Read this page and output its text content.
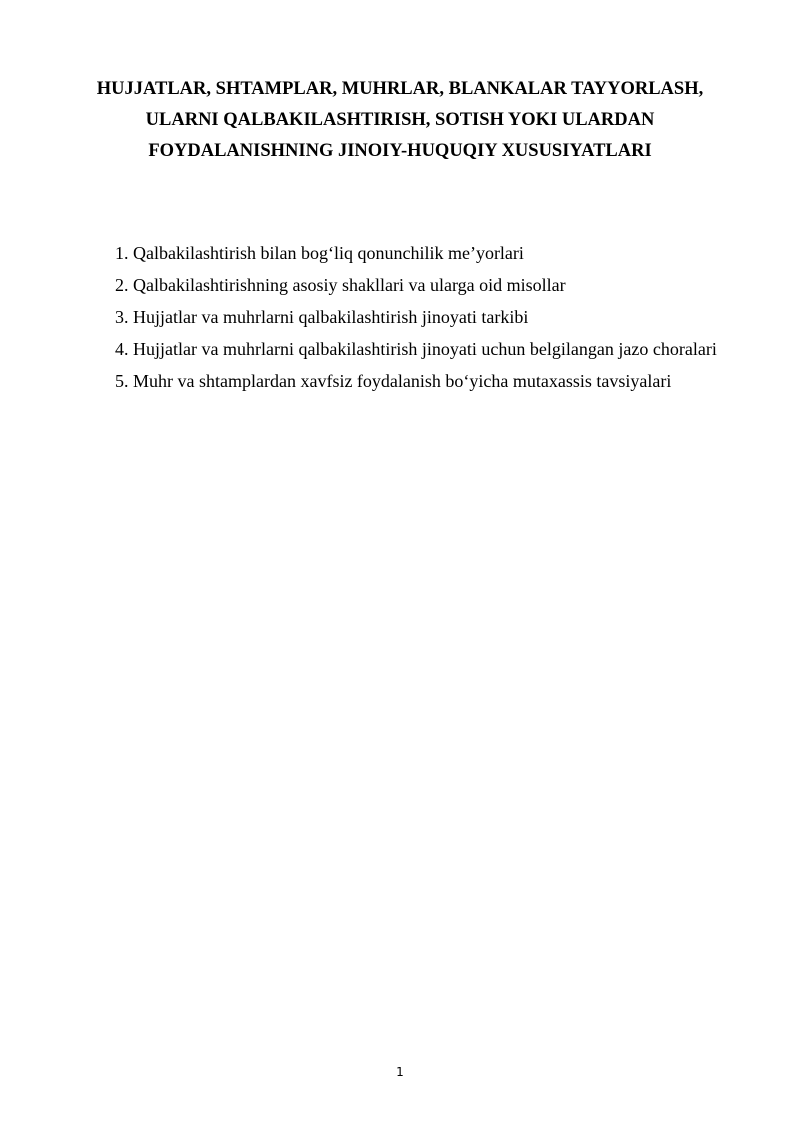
HUJJATLAR, SHTAMPLAR, MUHRLAR, BLANKALAR TAYYORLASH,
ULARNI QALBAKILASHTIRISH, SOTISH YOKI ULARDAN
FOYDALANISHNING JINOIY-HUQUQIY XUSUSIYATLARI

1. Qalbakilashtirish bilan bog‘liq qonunchilik me’yorlari

2. Qalbakilashtirishning asosiy shakllari va ularga oid misollar

3. Hujjatlar va muhrlarni qalbakilashtirish jinoyati tarkibi

4. Hujjatlar va muhrlarni qalbakilashtirish jinoyati uchun belgilangan jazo choralari

5. Muhr va shtamplardan xavfsiz foydalanish bo‘yicha mutaxassis tavsiyalari

1
